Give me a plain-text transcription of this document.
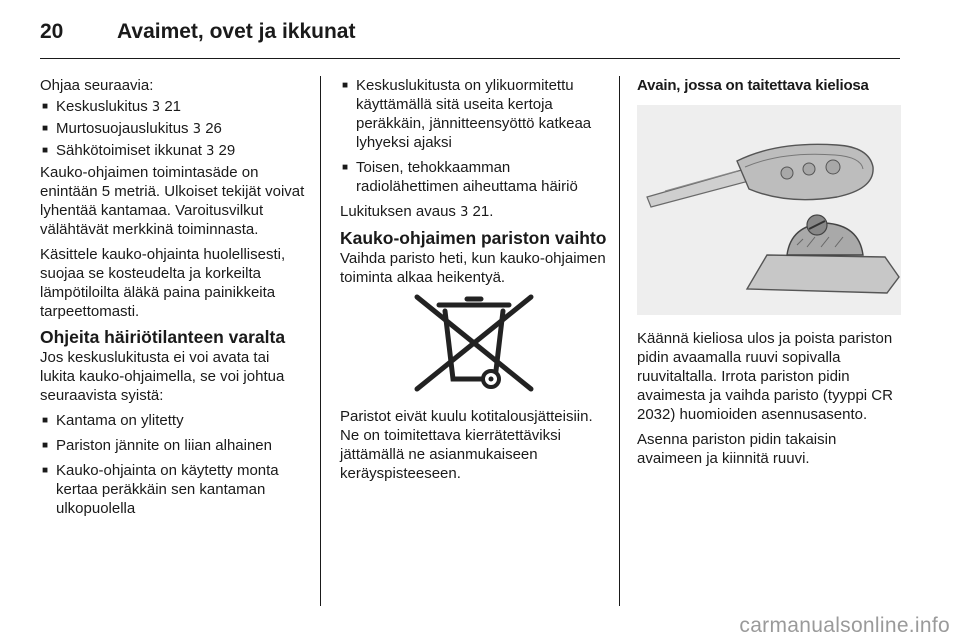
20	Avaimet, ovet ja ikkunat

Ohjaa seuraavia:

■ Keskuslukitus 3 21
■ Murtosuojauslukitus 3 26
■ Sähkötoimiset ikkunat 3 29

Kauko-ohjaimen toimintasäde on enintään 5 metriä. Ulkoiset tekijät voivat lyhentää kantamaa. Varoitusvilkut välähtävät merkkinä toiminnasta.

Käsittele kauko-ohjainta huolellisesti, suojaa se kosteudelta ja korkeilta lämpötiloilta äläkä paina painikkeita tarpeettomasti.

Ohjeita häiriötilanteen varalta

Jos keskuslukitusta ei voi avata tai lukita kauko-ohjaimella, se voi johtua seuraavista syistä:

■ Kantama on ylitetty
■ Pariston jännite on liian alhainen
■ Kauko-ohjainta on käytetty monta kertaa peräkkäin sen kantaman ulkopuolella
■ Keskuslukitusta on ylikuormitettu käyttämällä sitä useita kertoja peräkkäin, jännitteensyöttö katkeaa lyhyeksi ajaksi
■ Toisen, tehokkaamman radiolähettimen aiheuttama häiriö

Lukituksen avaus 3 21.

Kauko-ohjaimen pariston vaihto

Vaihda paristo heti, kun kauko-ohjaimen toiminta alkaa heikentyä.

Paristot eivät kuulu kotitalousjätteisiin. Ne on toimitettava kierrätettäviksi jättämällä ne asianmukaiseen keräyspisteeseen.

Avain, jossa on taitettava kieliosa

Käännä kieliosa ulos ja poista pariston pidin avaamalla ruuvi sopivalla ruuvitaltalla. Irrota pariston pidin avaimesta ja vaihda paristo (tyyppi CR 2032) huomioiden asennusasento.

Asenna pariston pidin takaisin avaimeen ja kiinnitä ruuvi.

carmanualsonline.info
